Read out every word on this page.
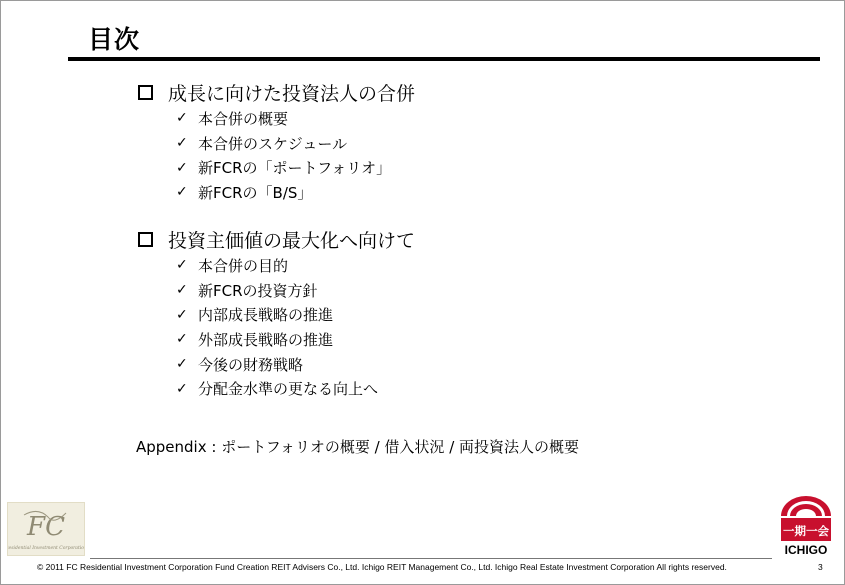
目次
成長に向けた投資法人の合併
✓ 本合併の概要
✓ 本合併のスケジュール
✓ 新FCRの「ポートフォリオ」
✓ 新FCRの「B/S」
投資主価値の最大化へ向けて
✓ 本合併の目的
✓ 新FCRの投資方針
✓ 内部成長戦略の推進
✓ 外部成長戦略の推進
✓ 今後の財務戦略
✓ 分配金水準の更なる向上へ
Appendix : ポートフォリオの概要 / 借入状況 / 両投資法人の概要
FC
Residential Investment Corporation
一期一会
ICHIGO
© 2011 FC Residential Investment Corporation Fund Creation REIT Advisers Co., Ltd. Ichigo REIT Management Co., Ltd. Ichigo Real Estate Investment Corporation All rights reserved.	3
